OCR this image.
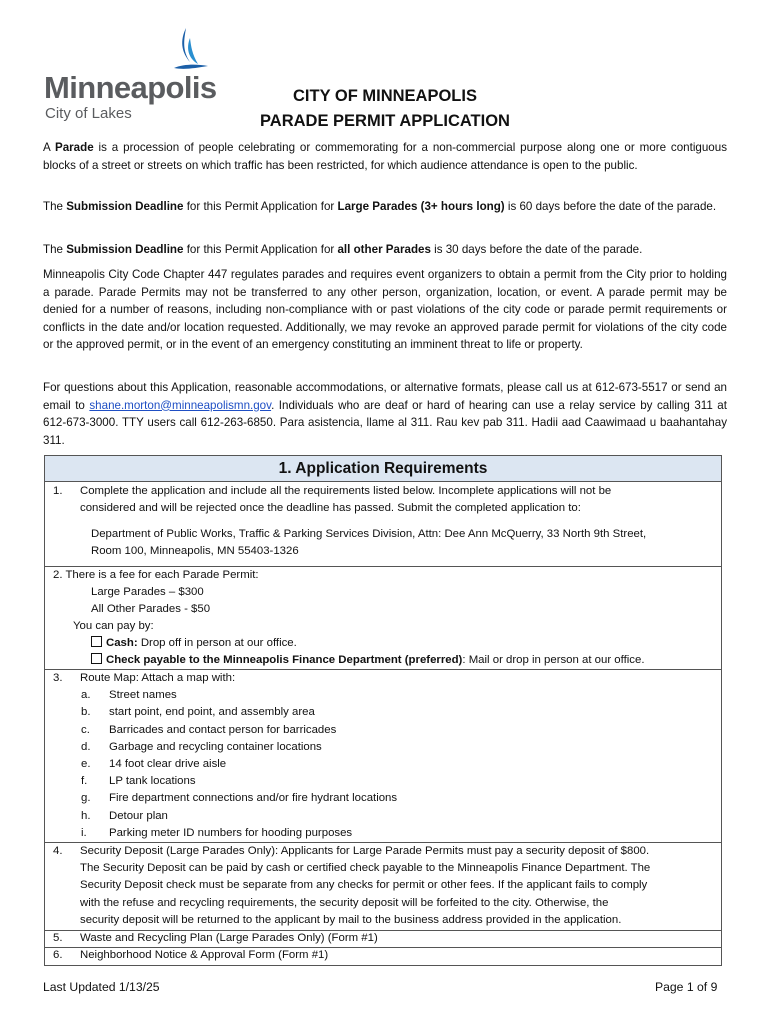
Minneapolis
City of Lakes
CITY OF MINNEAPOLIS
PARADE PERMIT APPLICATION

A Parade is a procession of people celebrating or commemorating for a non-commercial purpose along one or more contiguous blocks of a street or streets on which traffic has been restricted, for which audience attendance is open to the public.

The Submission Deadline for this Permit Application for Large Parades (3+ hours long) is 60 days before the date of the parade.

The Submission Deadline for this Permit Application for all other Parades is 30 days before the date of the parade.

Minneapolis City Code Chapter 447 regulates parades and requires event organizers to obtain a permit from the City prior to holding a parade. Parade Permits may not be transferred to any other person, organization, location, or event. A parade permit may be denied for a number of reasons, including non-compliance with or past violations of the city code or parade permit requirements or conflicts in the date and/or location requested. Additionally, we may revoke an approved parade permit for violations of the city code or the approved permit, or in the event of an emergency constituting an imminent threat to life or property.

For questions about this Application, reasonable accommodations, or alternative formats, please call us at 612-673-5517 or send an email to shane.morton@minneapolismn.gov. Individuals who are deaf or hard of hearing can use a relay service by calling 311 at 612-673-3000. TTY users call 612-263-6850. Para asistencia, llame al 311. Rau kev pab 311. Hadii aad Caawimaad u baahantahay 311.

1. Application Requirements
1. Complete the application and include all the requirements listed below. Incomplete applications will not be
considered and will be rejected once the deadline has passed. Submit the completed application to:
Department of Public Works, Traffic & Parking Services Division, Attn: Dee Ann McQuerry, 33 North 9th Street,
Room 100, Minneapolis, MN 55403-1326
2. There is a fee for each Parade Permit:
Large Parades – $300
All Other Parades - $50
You can pay by:
Cash: Drop off in person at our office.
Check payable to the Minneapolis Finance Department (preferred): Mail or drop in person at our office.
3. Route Map: Attach a map with:
a. Street names
b. start point, end point, and assembly area
c. Barricades and contact person for barricades
d. Garbage and recycling container locations
e. 14 foot clear drive aisle
f. LP tank locations
g. Fire department connections and/or fire hydrant locations
h. Detour plan
i. Parking meter ID numbers for hooding purposes
4. Security Deposit (Large Parades Only): Applicants for Large Parade Permits must pay a security deposit of $800.
The Security Deposit can be paid by cash or certified check payable to the Minneapolis Finance Department. The
Security Deposit check must be separate from any checks for permit or other fees. If the applicant fails to comply
with the refuse and recycling requirements, the security deposit will be forfeited to the city. Otherwise, the
security deposit will be returned to the applicant by mail to the business address provided in the application.
5. Waste and Recycling Plan (Large Parades Only) (Form #1)
6. Neighborhood Notice & Approval Form (Form #1)
Last Updated 1/13/25	Page 1 of 9
